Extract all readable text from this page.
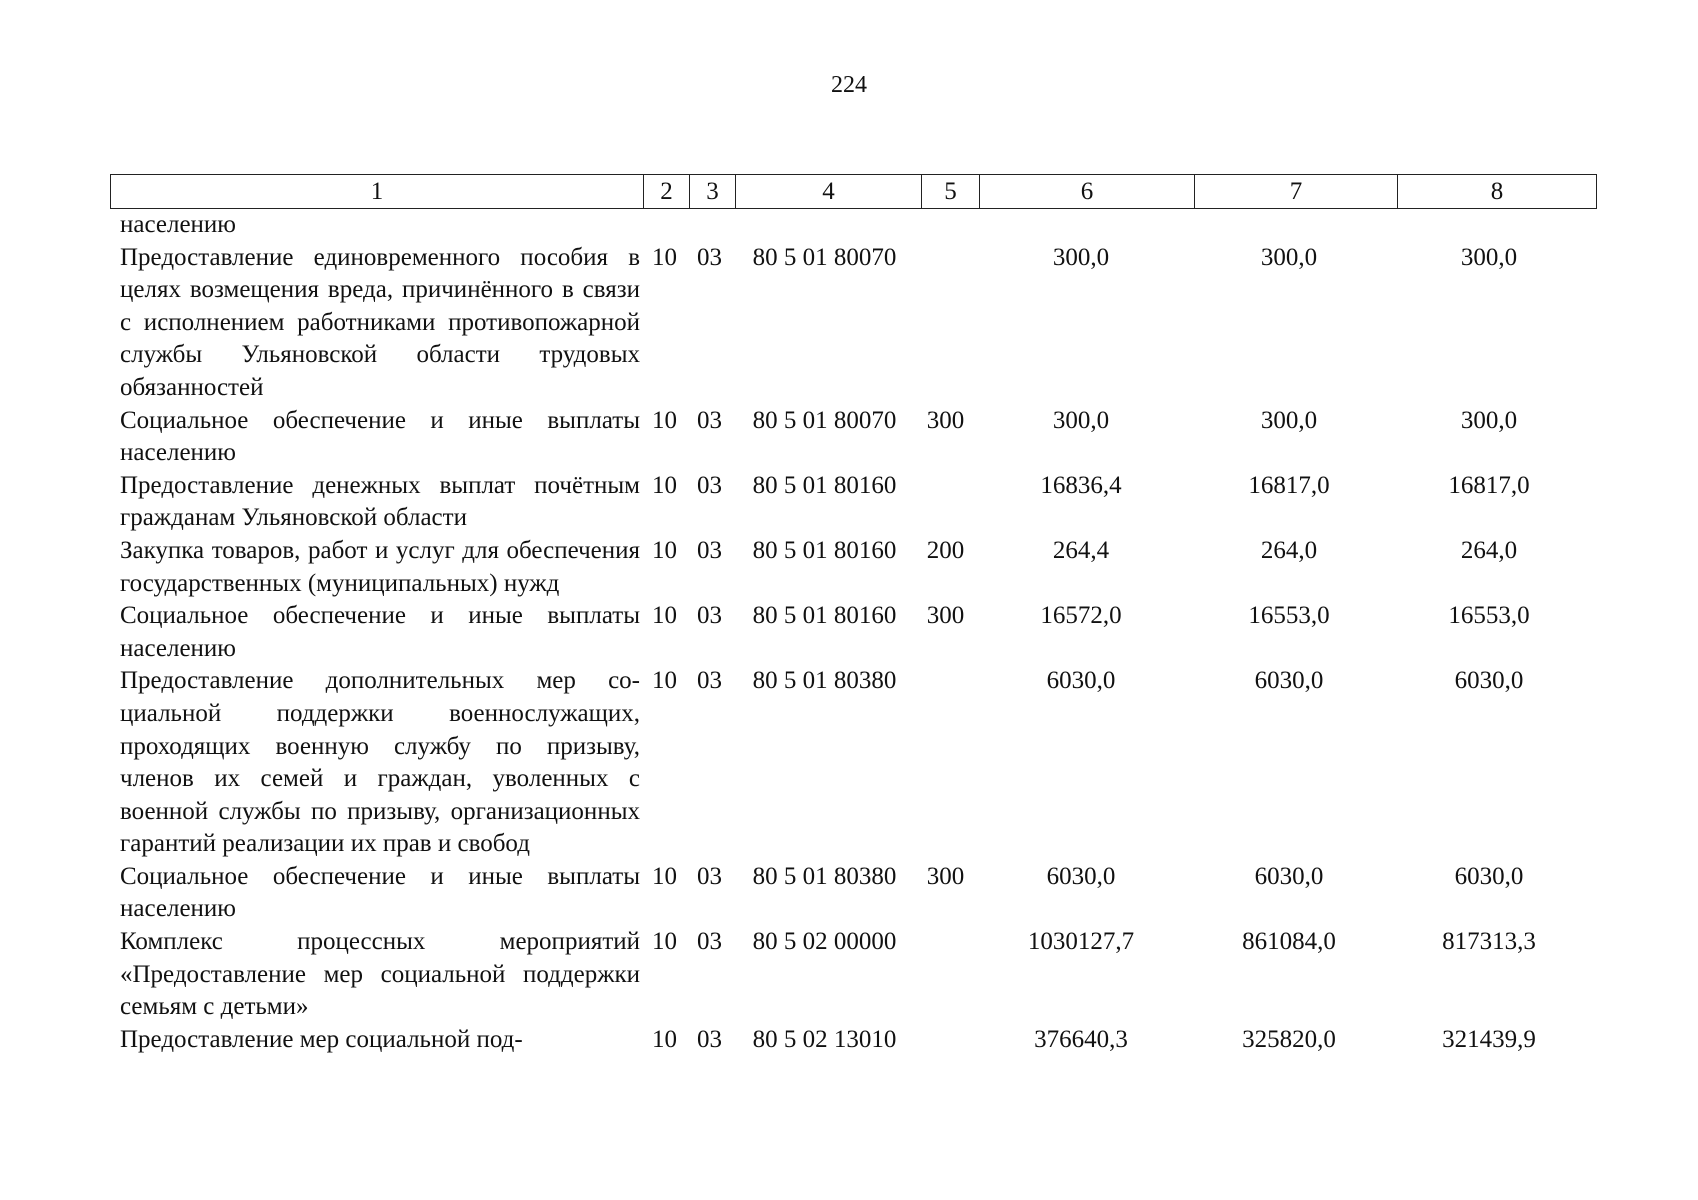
224
1	2	3	4	5	6	7	8
населению							

Предоставление единовременного пособия в целях возмещения вреда, причинённого в связи с исполнением работниками противопожарной службы Ульяновской области трудовых обязанностей	10	03	80 5 01 80070		300,0	300,0	300,0

Социальное обеспечение и иные выплаты населению	10	03	80 5 01 80070	300	300,0	300,0	300,0

Предоставление денежных выплат почётным гражданам Ульяновской области	10	03	80 5 01 80160		16836,4	16817,0	16817,0

Закупка товаров, работ и услуг для обеспечения государственных (муниципальных) нужд	10	03	80 5 01 80160	200	264,4	264,0	264,0

Социальное обеспечение и иные выплаты населению	10	03	80 5 01 80160	300	16572,0	16553,0	16553,0

Предоставление дополнительных мер социальной поддержки военнослужащих, проходящих военную службу по призыву, членов их семей и граждан, уволенных с военной службы по призыву, организационных гарантий реализации их прав и свобод	10	03	80 5 01 80380		6030,0	6030,0	6030,0

Социальное обеспечение и иные выплаты населению	10	03	80 5 01 80380	300	6030,0	6030,0	6030,0

Комплекс процессных мероприятий «Предоставление мер социальной поддержки семьям с детьми»	10	03	80 5 02 00000		1030127,7	861084,0	817313,3

Предоставление мер социальной под-	10	03	80 5 02 13010		376640,3	325820,0	321439,9
